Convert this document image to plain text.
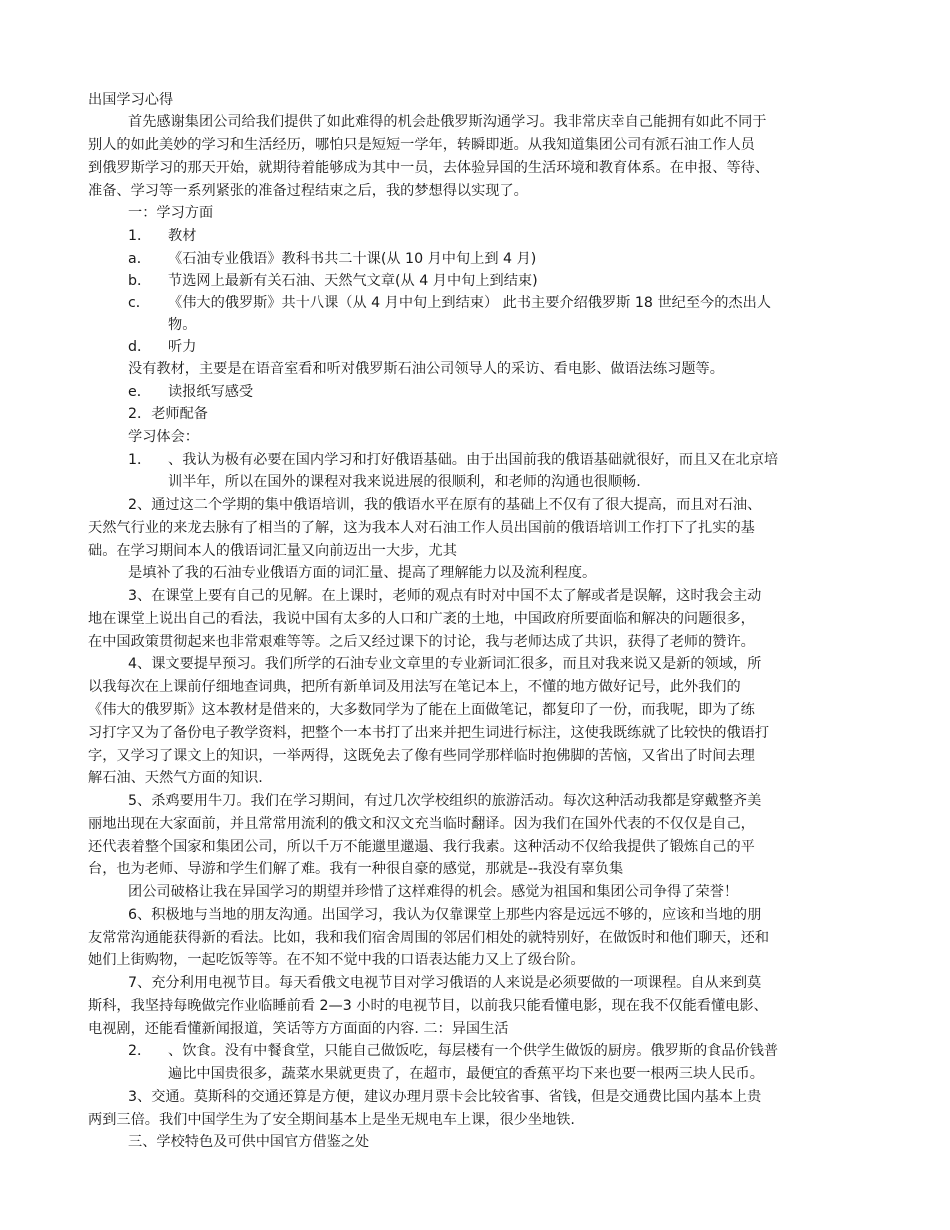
出国学习心得
首先感谢集团公司给我们提供了如此难得的机会赴俄罗斯沟通学习。我非常庆幸自己能拥有如此不同于
别人的如此美妙的学习和生活经历，哪怕只是短短一学年，转瞬即逝。从我知道集团公司有派石油工作人员
到俄罗斯学习的那天开始，就期待着能够成为其中一员，去体验异国的生活环境和教育体系。在申报、等待、
准备、学习等一系列紧张的准备过程结束之后，我的梦想得以实现了。
一：学习方面
1． 教材
a． 《石油专业俄语》教科书共二十课(从 10 月中旬上到 4 月)
b． 节选网上最新有关石油、天然气文章(从 4 月中旬上到结束)
c． 《伟大的俄罗斯》共十八课（从 4 月中旬上到结束） 此书主要介绍俄罗斯 18 世纪至今的杰出人
物。
d． 听力
没有教材，主要是在语音室看和听对俄罗斯石油公司领导人的采访、看电影、做语法练习题等。
e． 读报纸写感受
2．老师配备
学习体会：
1． 、我认为极有必要在国内学习和打好俄语基础。由于出国前我的俄语基础就很好，而且又在北京培
训半年，所以在国外的课程对我来说进展的很顺利，和老师的沟通也很顺畅.
2、通过这二个学期的集中俄语培训，我的俄语水平在原有的基础上不仅有了很大提高，而且对石油、
天然气行业的来龙去脉有了相当的了解，这为我本人对石油工作人员出国前的俄语培训工作打下了扎实的基
础。在学习期间本人的俄语词汇量又向前迈出一大步，尤其
是填补了我的石油专业俄语方面的词汇量、提高了理解能力以及流利程度。
3、在课堂上要有自己的见解。在上课时，老师的观点有时对中国不太了解或者是误解，这时我会主动
地在课堂上说出自己的看法，我说中国有太多的人口和广袤的土地，中国政府所要面临和解决的问题很多，
在中国政策贯彻起来也非常艰难等等。之后又经过课下的讨论，我与老师达成了共识，获得了老师的赞许。
4、课文要提早预习。我们所学的石油专业文章里的专业新词汇很多，而且对我来说又是新的领域，所
以我每次在上课前仔细地查词典，把所有新单词及用法写在笔记本上，不懂的地方做好记号，此外我们的
《伟大的俄罗斯》这本教材是借来的，大多数同学为了能在上面做笔记，都复印了一份，而我呢，即为了练
习打字又为了备份电子教学资料，把整个一本书打了出来并把生词进行标注，这使我既练就了比较快的俄语打
字，又学习了课文上的知识，一举两得，这既免去了像有些同学那样临时抱佛脚的苦恼，又省出了时间去理
解石油、天然气方面的知识.
5、杀鸡要用牛刀。我们在学习期间，有过几次学校组织的旅游活动。每次这种活动我都是穿戴整齐美
丽地出现在大家面前，并且常常用流利的俄文和汉文充当临时翻译。因为我们在国外代表的不仅仅是自己，
还代表着整个国家和集团公司，所以千万不能邋里邋遢、我行我素。这种活动不仅给我提供了锻炼自己的平
台，也为老师、导游和学生们解了难。我有一种很自豪的感觉，那就是--我没有辜负集
团公司破格让我在异国学习的期望并珍惜了这样难得的机会。感觉为祖国和集团公司争得了荣誉！
6、积极地与当地的朋友沟通。出国学习，我认为仅靠课堂上那些内容是远远不够的，应该和当地的朋
友常常沟通能获得新的看法。比如，我和我们宿舍周围的邻居们相处的就特别好，在做饭时和他们聊天，还和
她们上街购物，一起吃饭等等。在不知不觉中我的口语表达能力又上了级台阶。
7、充分利用电视节目。每天看俄文电视节目对学习俄语的人来说是必须要做的一项课程。自从来到莫
斯科，我坚持每晚做完作业临睡前看 2—3 小时的电视节目，以前我只能看懂电影，现在我不仅能看懂电影、
电视剧，还能看懂新闻报道，笑话等方方面面的内容. 二：异国生活
2． 、饮食。没有中餐食堂，只能自己做饭吃，每层楼有一个供学生做饭的厨房。俄罗斯的食品价钱普
遍比中国贵很多，蔬菜水果就更贵了，在超市，最便宜的香蕉平均下来也要一根两三块人民币。
3、交通。莫斯科的交通还算是方便，建议办理月票卡会比较省事、省钱，但是交通费比国内基本上贵
两到三倍。我们中国学生为了安全期间基本上是坐无规电车上课，很少坐地铁.
三、学校特色及可供中国官方借鉴之处
